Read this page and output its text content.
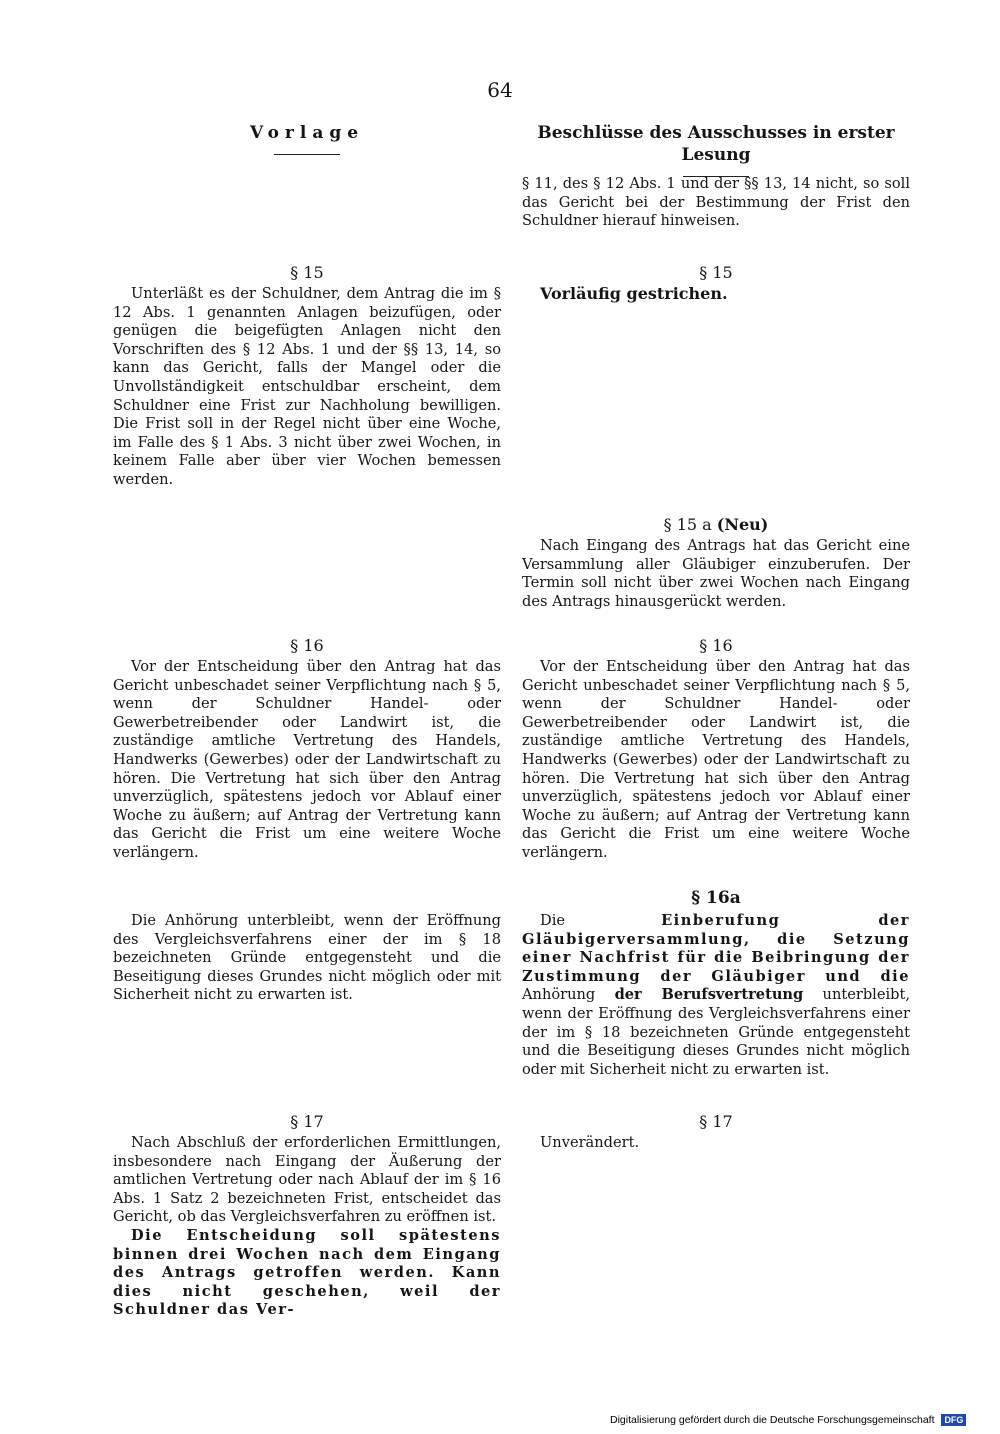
64

Vorlage

§ 15

Unterläßt es der Schuldner, dem Antrag die im § 12 Abs. 1 genannten Anlagen beizufügen, oder genügen die beigefügten Anlagen nicht den Vorschriften des § 12 Abs. 1 und der §§ 13, 14, so kann das Gericht, falls der Mangel oder die Unvollständigkeit entschuldbar erscheint, dem Schuldner eine Frist zur Nachholung bewilligen. Die Frist soll in der Regel nicht über eine Woche, im Falle des § 1 Abs. 3 nicht über zwei Wochen, in keinem Falle aber über vier Wochen bemessen werden.

§ 16

Vor der Entscheidung über den Antrag hat das Gericht unbeschadet seiner Verpflichtung nach § 5, wenn der Schuldner Handel- oder Gewerbetreibender oder Landwirt ist, die zuständige amtliche Vertretung des Handels, Handwerks (Gewerbes) oder der Landwirtschaft zu hören. Die Vertretung hat sich über den Antrag unverzüglich, spätestens jedoch vor Ablauf einer Woche zu äußern; auf Antrag der Vertretung kann das Gericht die Frist um eine weitere Woche verlängern.

Die Anhörung unterbleibt, wenn der Eröffnung des Vergleichsverfahrens einer der im § 18 bezeichneten Gründe entgegensteht und die Beseitigung dieses Grundes nicht möglich oder mit Sicherheit nicht zu erwarten ist.

§ 17

Nach Abschluß der erforderlichen Ermittlungen, insbesondere nach Eingang der Äußerung der amtlichen Vertretung oder nach Ablauf der im § 16 Abs. 1 Satz 2 bezeichneten Frist, entscheidet das Gericht, ob das Vergleichsverfahren zu eröffnen ist.

Die Entscheidung soll spätestens binnen drei Wochen nach dem Eingang des Antrags getroffen werden. Kann dies nicht geschehen, weil der Schuldner das Ver-

Beschlüsse des Ausschusses in erster Lesung

§ 11, des § 12 Abs. 1 und der §§ 13, 14 nicht, so soll das Gericht bei der Bestimmung der Frist den Schuldner hierauf hinweisen.

§ 15

Vorläufig gestrichen.

§ 15 a (Neu)

Nach Eingang des Antrags hat das Gericht eine Versammlung aller Gläubiger einzuberufen. Der Termin soll nicht über zwei Wochen nach Eingang des Antrags hinausgerückt werden.

§ 16

Vor der Entscheidung über den Antrag hat das Gericht unbeschadet seiner Verpflichtung nach § 5, wenn der Schuldner Handel- oder Gewerbetreibender oder Landwirt ist, die zuständige amtliche Vertretung des Handels, Handwerks (Gewerbes) oder der Landwirtschaft zu hören. Die Vertretung hat sich über den Antrag unverzüglich, spätestens jedoch vor Ablauf einer Woche zu äußern; auf Antrag der Vertretung kann das Gericht die Frist um eine weitere Woche verlängern.

§ 16a

Die Einberufung der Gläubigerversammlung, die Setzung einer Nachfrist für die Beibringung der Zustimmung der Gläubiger und die Anhörung der Berufsvertretung unterbleibt, wenn der Eröffnung des Vergleichsverfahrens einer der im § 18 bezeichneten Gründe entgegensteht und die Beseitigung dieses Grundes nicht möglich oder mit Sicherheit nicht zu erwarten ist.

§ 17

Unverändert.

Digitalisierung gefördert durch die Deutsche Forschungsgemeinschaft DFG
